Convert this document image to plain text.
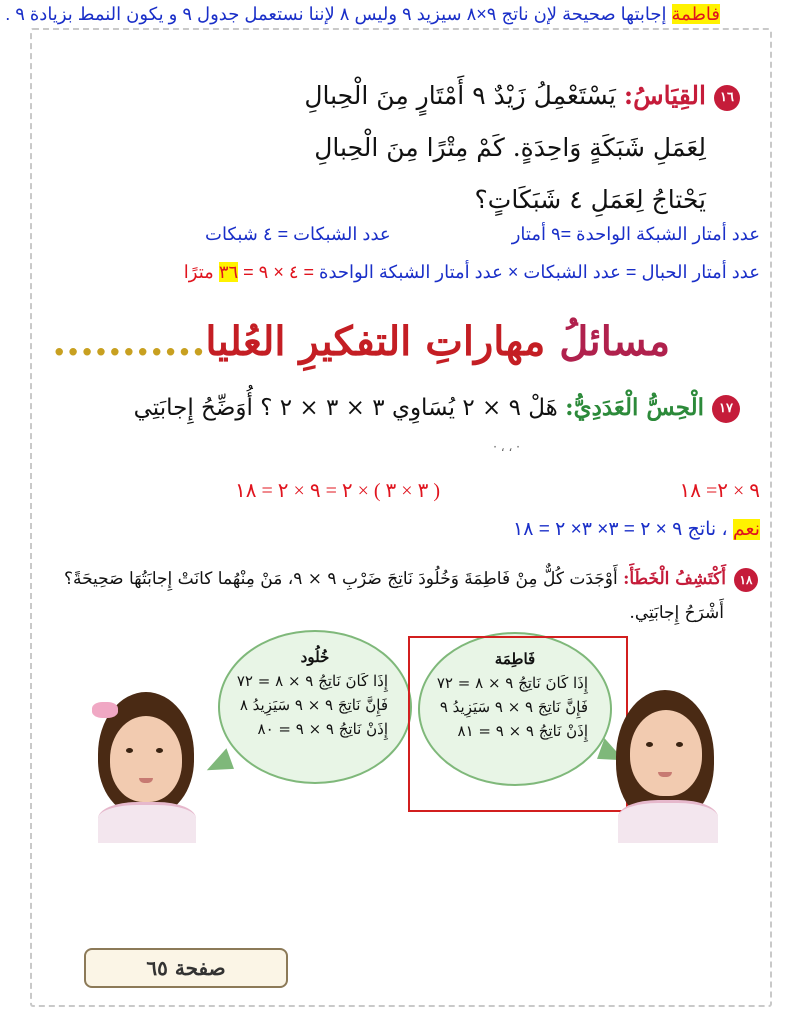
١٦القِيَاسُ: يَسْتَعْمِلُ زَيْدٌ ٩ أَمْتَارٍ مِنَ الْحِبالِ
لِعَمَلِ شَبَكَةٍ وَاحِدَةٍ. كَمْ مِتْرًا مِنَ الْحِبالِ
يَحْتاجُ لِعَمَلِ ٤ شَبَكَاتٍ؟
عدد أمتار الشبكة الواحدة =٩ أمتار
عدد الشبكات = ٤ شبكات
عدد أمتار الحبال = عدد الشبكات × عدد أمتار الشبكة الواحدة = ٤ × ٩ = ٣٦ مترًا
مسائلُ مهاراتِ التفكيرِ العُليا...........
١٧الْحِسُّ الْعَدَدِيُّ: هَلْ ٩ × ٢ يُسَاوِي ٣ × ٣ × ٢ ؟ أُوَضِّحُ إِجابَتِي
· ، ، ·
٩ × ٢= ١٨
( ٣ × ٣ ) × ٢ = ٩ × ٢ = ١٨
نعم ، ناتج ٩ × ٢ = ٣× ٣× ٢ = ١٨
١٨أَكْتَشِفُ الْخَطَأَ: أَوْجَدَت كُلٌّ مِنْ فَاطِمَةَ وَخُلُودَ نَاتِجَ ضَرْبِ ٩ × ٩، مَنْ مِنْهُما كانَتْ إِجابَتُهَا صَحِيحَةً؟
أَشْرَحُ إِجابَتِي.
خُلُود
إِذَا كَانَ نَاتِجُ ٩ × ٨ = ٧٢
فَإِنَّ نَاتِجَ ٩ × ٩ سَيَزِيدُ ٨
إِذَنْ نَاتِجُ ٩ × ٩ = ٨٠
فَاطِمَة
إِذَا كَانَ نَاتِجُ ٩ × ٨ = ٧٢
فَإِنَّ نَاتِجَ ٩ × ٩ سَيَزِيدُ ٩
إِذَنْ نَاتِجُ ٩ × ٩ = ٨١
فاطمة إجابتها صحيحة لإن ناتج ٩×٨ سيزيد ٩ وليس ٨ لإننا نستعمل جدول ٩ و يكون النمط بزيادة ٩ .
صفحة ٦٥
